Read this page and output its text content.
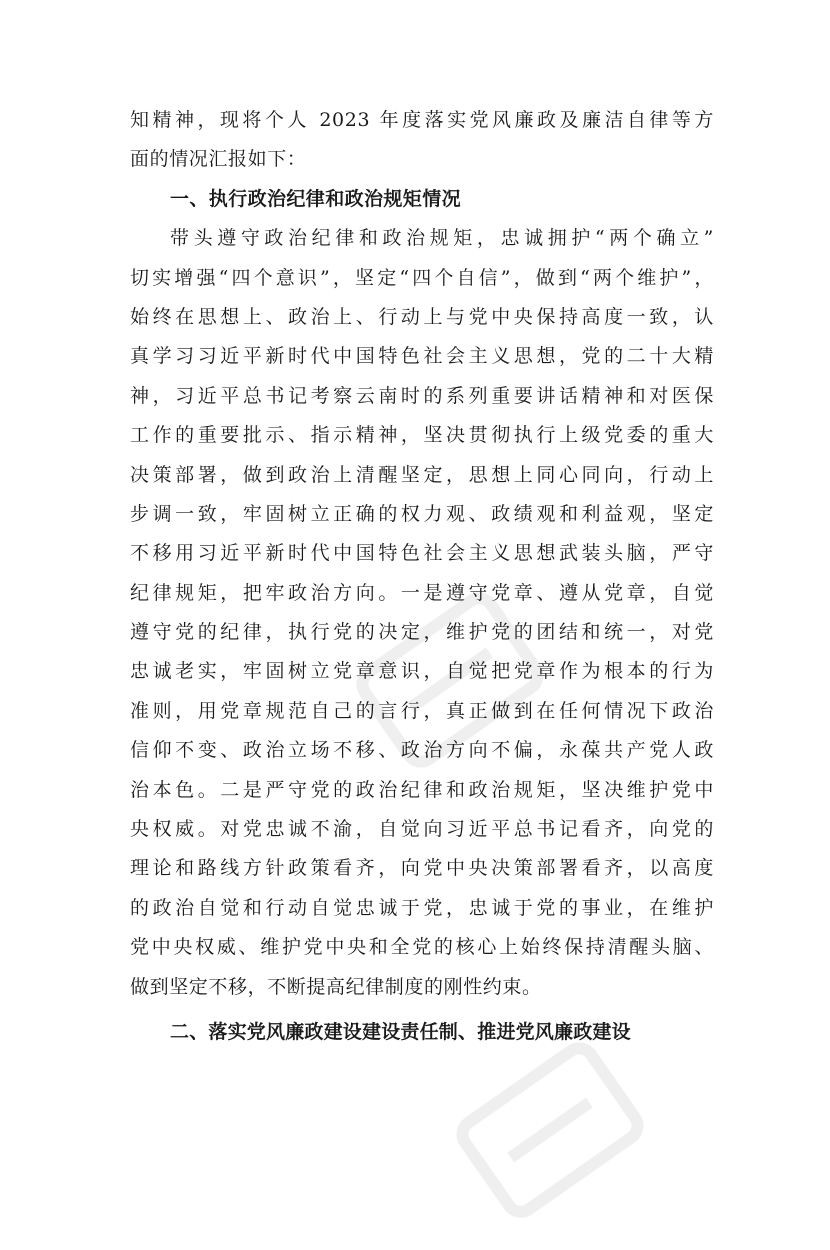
知精神，现将个人 2023 年度落实党风廉政及廉洁自律等方
面的情况汇报如下：
一、执行政治纪律和政治规矩情况
带头遵守政治纪律和政治规矩，忠诚拥护“两个确立”
切实增强“四个意识”，坚定“四个自信”，做到“两个维护”，
始终在思想上、政治上、行动上与党中央保持高度一致，认
真学习习近平新时代中国特色社会主义思想，党的二十大精
神，习近平总书记考察云南时的系列重要讲话精神和对医保
工作的重要批示、指示精神，坚决贯彻执行上级党委的重大
决策部署，做到政治上清醒坚定，思想上同心同向，行动上
步调一致，牢固树立正确的权力观、政绩观和利益观，坚定
不移用习近平新时代中国特色社会主义思想武装头脑，严守
纪律规矩，把牢政治方向。一是遵守党章、遵从党章，自觉
遵守党的纪律，执行党的决定，维护党的团结和统一，对党
忠诚老实，牢固树立党章意识，自觉把党章作为根本的行为
准则，用党章规范自己的言行，真正做到在任何情况下政治
信仰不变、政治立场不移、政治方向不偏，永葆共产党人政
治本色。二是严守党的政治纪律和政治规矩，坚决维护党中
央权威。对党忠诚不渝，自觉向习近平总书记看齐，向党的
理论和路线方针政策看齐，向党中央决策部署看齐，以高度
的政治自觉和行动自觉忠诚于党，忠诚于党的事业，在维护
党中央权威、维护党中央和全党的核心上始终保持清醒头脑、
做到坚定不移，不断提高纪律制度的刚性约束。
二、落实党风廉政建设建设责任制、推进党风廉政建设
